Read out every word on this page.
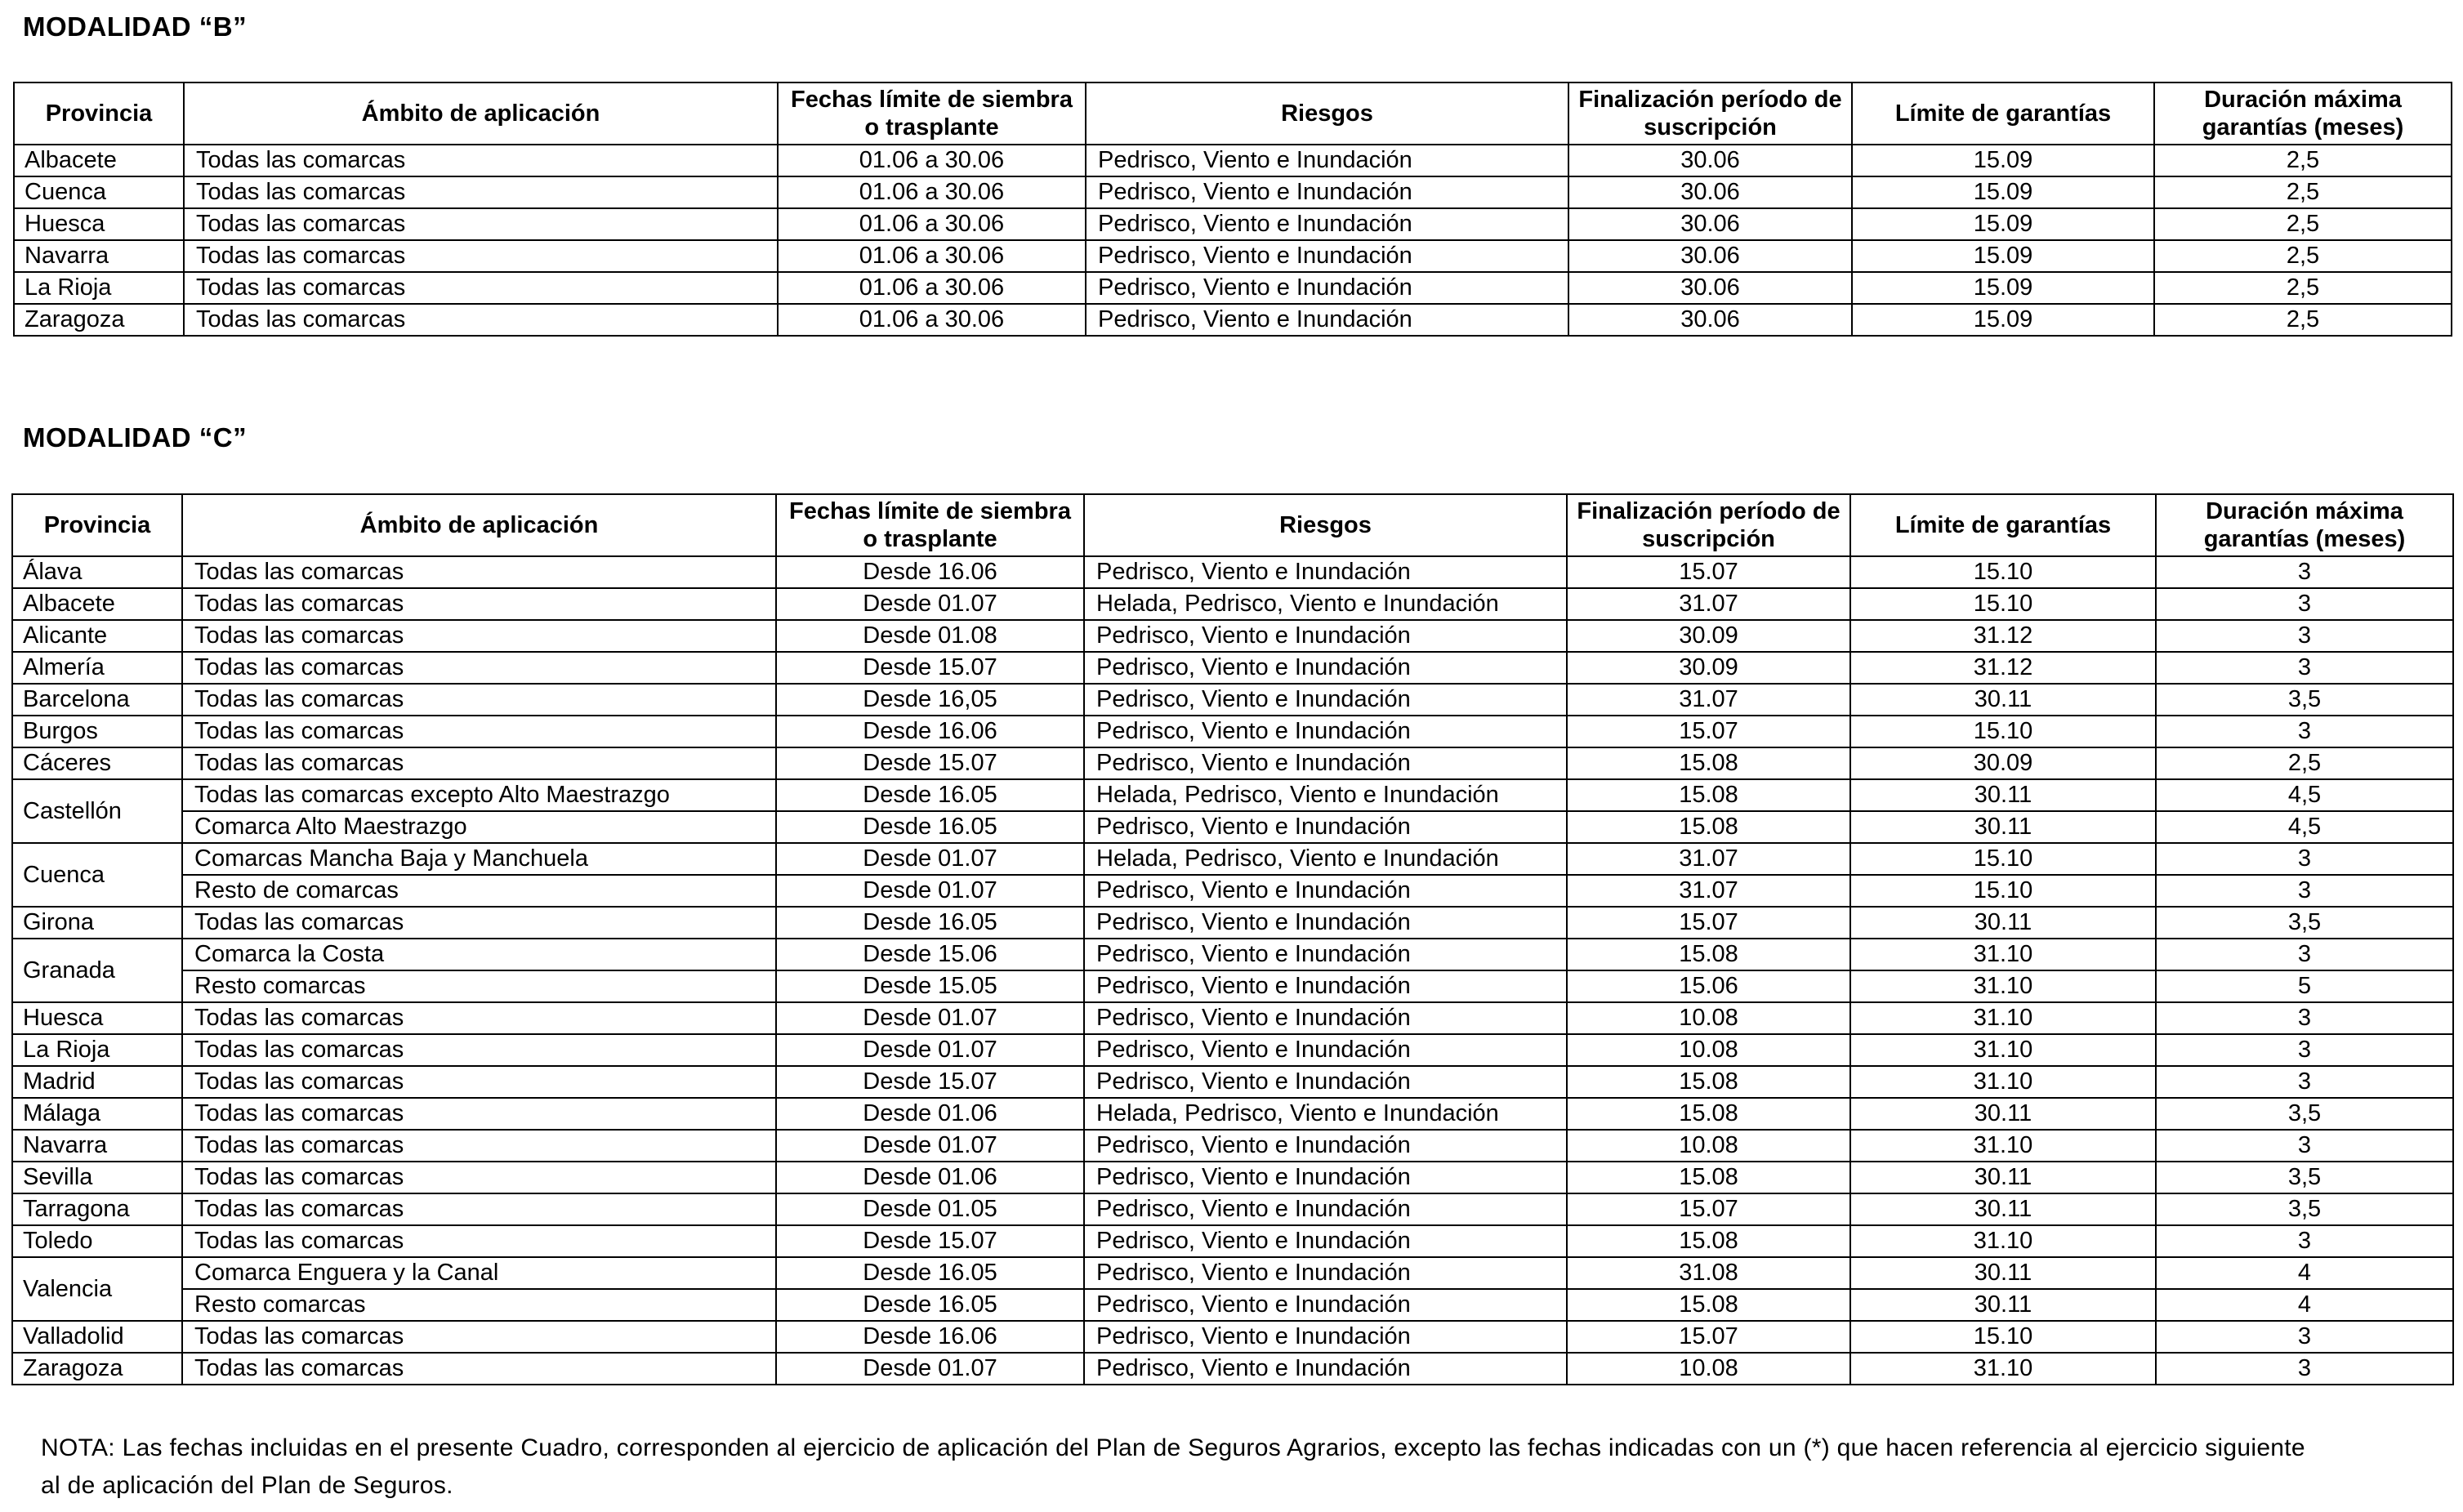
MODALIDAD “B”
Provincia	Ámbito de aplicación	Fechas límite de siembra o trasplante	Riesgos	Finalización período de suscripción	Límite de garantías	Duración máxima garantías (meses)
Albacete	Todas las comarcas	01.06 a 30.06	Pedrisco, Viento e Inundación	30.06	15.09	2,5
Cuenca	Todas las comarcas	01.06 a 30.06	Pedrisco, Viento e Inundación	30.06	15.09	2,5
Huesca	Todas las comarcas	01.06 a 30.06	Pedrisco, Viento e Inundación	30.06	15.09	2,5
Navarra	Todas las comarcas	01.06 a 30.06	Pedrisco, Viento e Inundación	30.06	15.09	2,5
La Rioja	Todas las comarcas	01.06 a 30.06	Pedrisco, Viento e Inundación	30.06	15.09	2,5
Zaragoza	Todas las comarcas	01.06 a 30.06	Pedrisco, Viento e Inundación	30.06	15.09	2,5
MODALIDAD “C”
Provincia	Ámbito de aplicación	Fechas límite de siembra o trasplante	Riesgos	Finalización período de suscripción	Límite de garantías	Duración máxima garantías (meses)
Álava	Todas las comarcas	Desde 16.06	Pedrisco, Viento e Inundación	15.07	15.10	3
Albacete	Todas las comarcas	Desde 01.07	Helada, Pedrisco, Viento e Inundación	31.07	15.10	3
Alicante	Todas las comarcas	Desde 01.08	Pedrisco, Viento e Inundación	30.09	31.12	3
Almería	Todas las comarcas	Desde 15.07	Pedrisco, Viento e Inundación	30.09	31.12	3
Barcelona	Todas las comarcas	Desde 16,05	Pedrisco, Viento e Inundación	31.07	30.11	3,5
Burgos	Todas las comarcas	Desde 16.06	Pedrisco, Viento e Inundación	15.07	15.10	3
Cáceres	Todas las comarcas	Desde 15.07	Pedrisco, Viento e Inundación	15.08	30.09	2,5
Castellón	Todas las comarcas excepto Alto Maestrazgo	Desde 16.05	Helada, Pedrisco, Viento e Inundación	15.08	30.11	4,5
	Comarca Alto Maestrazgo	Desde 16.05	Pedrisco, Viento e Inundación	15.08	30.11	4,5
Cuenca	Comarcas Mancha Baja y Manchuela	Desde 01.07	Helada, Pedrisco, Viento e Inundación	31.07	15.10	3
	Resto de comarcas	Desde 01.07	Pedrisco, Viento e Inundación	31.07	15.10	3
Girona	Todas las comarcas	Desde 16.05	Pedrisco, Viento e Inundación	15.07	30.11	3,5
Granada	Comarca la Costa	Desde 15.06	Pedrisco, Viento e Inundación	15.08	31.10	3
	Resto comarcas	Desde 15.05	Pedrisco, Viento e Inundación	15.06	31.10	5
Huesca	Todas las comarcas	Desde 01.07	Pedrisco, Viento e Inundación	10.08	31.10	3
La Rioja	Todas las comarcas	Desde 01.07	Pedrisco, Viento e Inundación	10.08	31.10	3
Madrid	Todas las comarcas	Desde 15.07	Pedrisco, Viento e Inundación	15.08	31.10	3
Málaga	Todas las comarcas	Desde 01.06	Helada, Pedrisco, Viento e Inundación	15.08	30.11	3,5
Navarra	Todas las comarcas	Desde 01.07	Pedrisco, Viento e Inundación	10.08	31.10	3
Sevilla	Todas las comarcas	Desde 01.06	Pedrisco, Viento e Inundación	15.08	30.11	3,5
Tarragona	Todas las comarcas	Desde 01.05	Pedrisco, Viento e Inundación	15.07	30.11	3,5
Toledo	Todas las comarcas	Desde 15.07	Pedrisco, Viento e Inundación	15.08	31.10	3
Valencia	Comarca Enguera y la Canal	Desde 16.05	Pedrisco, Viento e Inundación	31.08	30.11	4
	Resto comarcas	Desde 16.05	Pedrisco, Viento e Inundación	15.08	30.11	4
Valladolid	Todas las comarcas	Desde 16.06	Pedrisco, Viento e Inundación	15.07	15.10	3
Zaragoza	Todas las comarcas	Desde 01.07	Pedrisco, Viento e Inundación	10.08	31.10	3
NOTA: Las fechas incluidas en el presente Cuadro, corresponden al ejercicio de aplicación del Plan de Seguros Agrarios, excepto las fechas indicadas con un (*) que hacen referencia al ejercicio siguiente al de aplicación del Plan de Seguros.
